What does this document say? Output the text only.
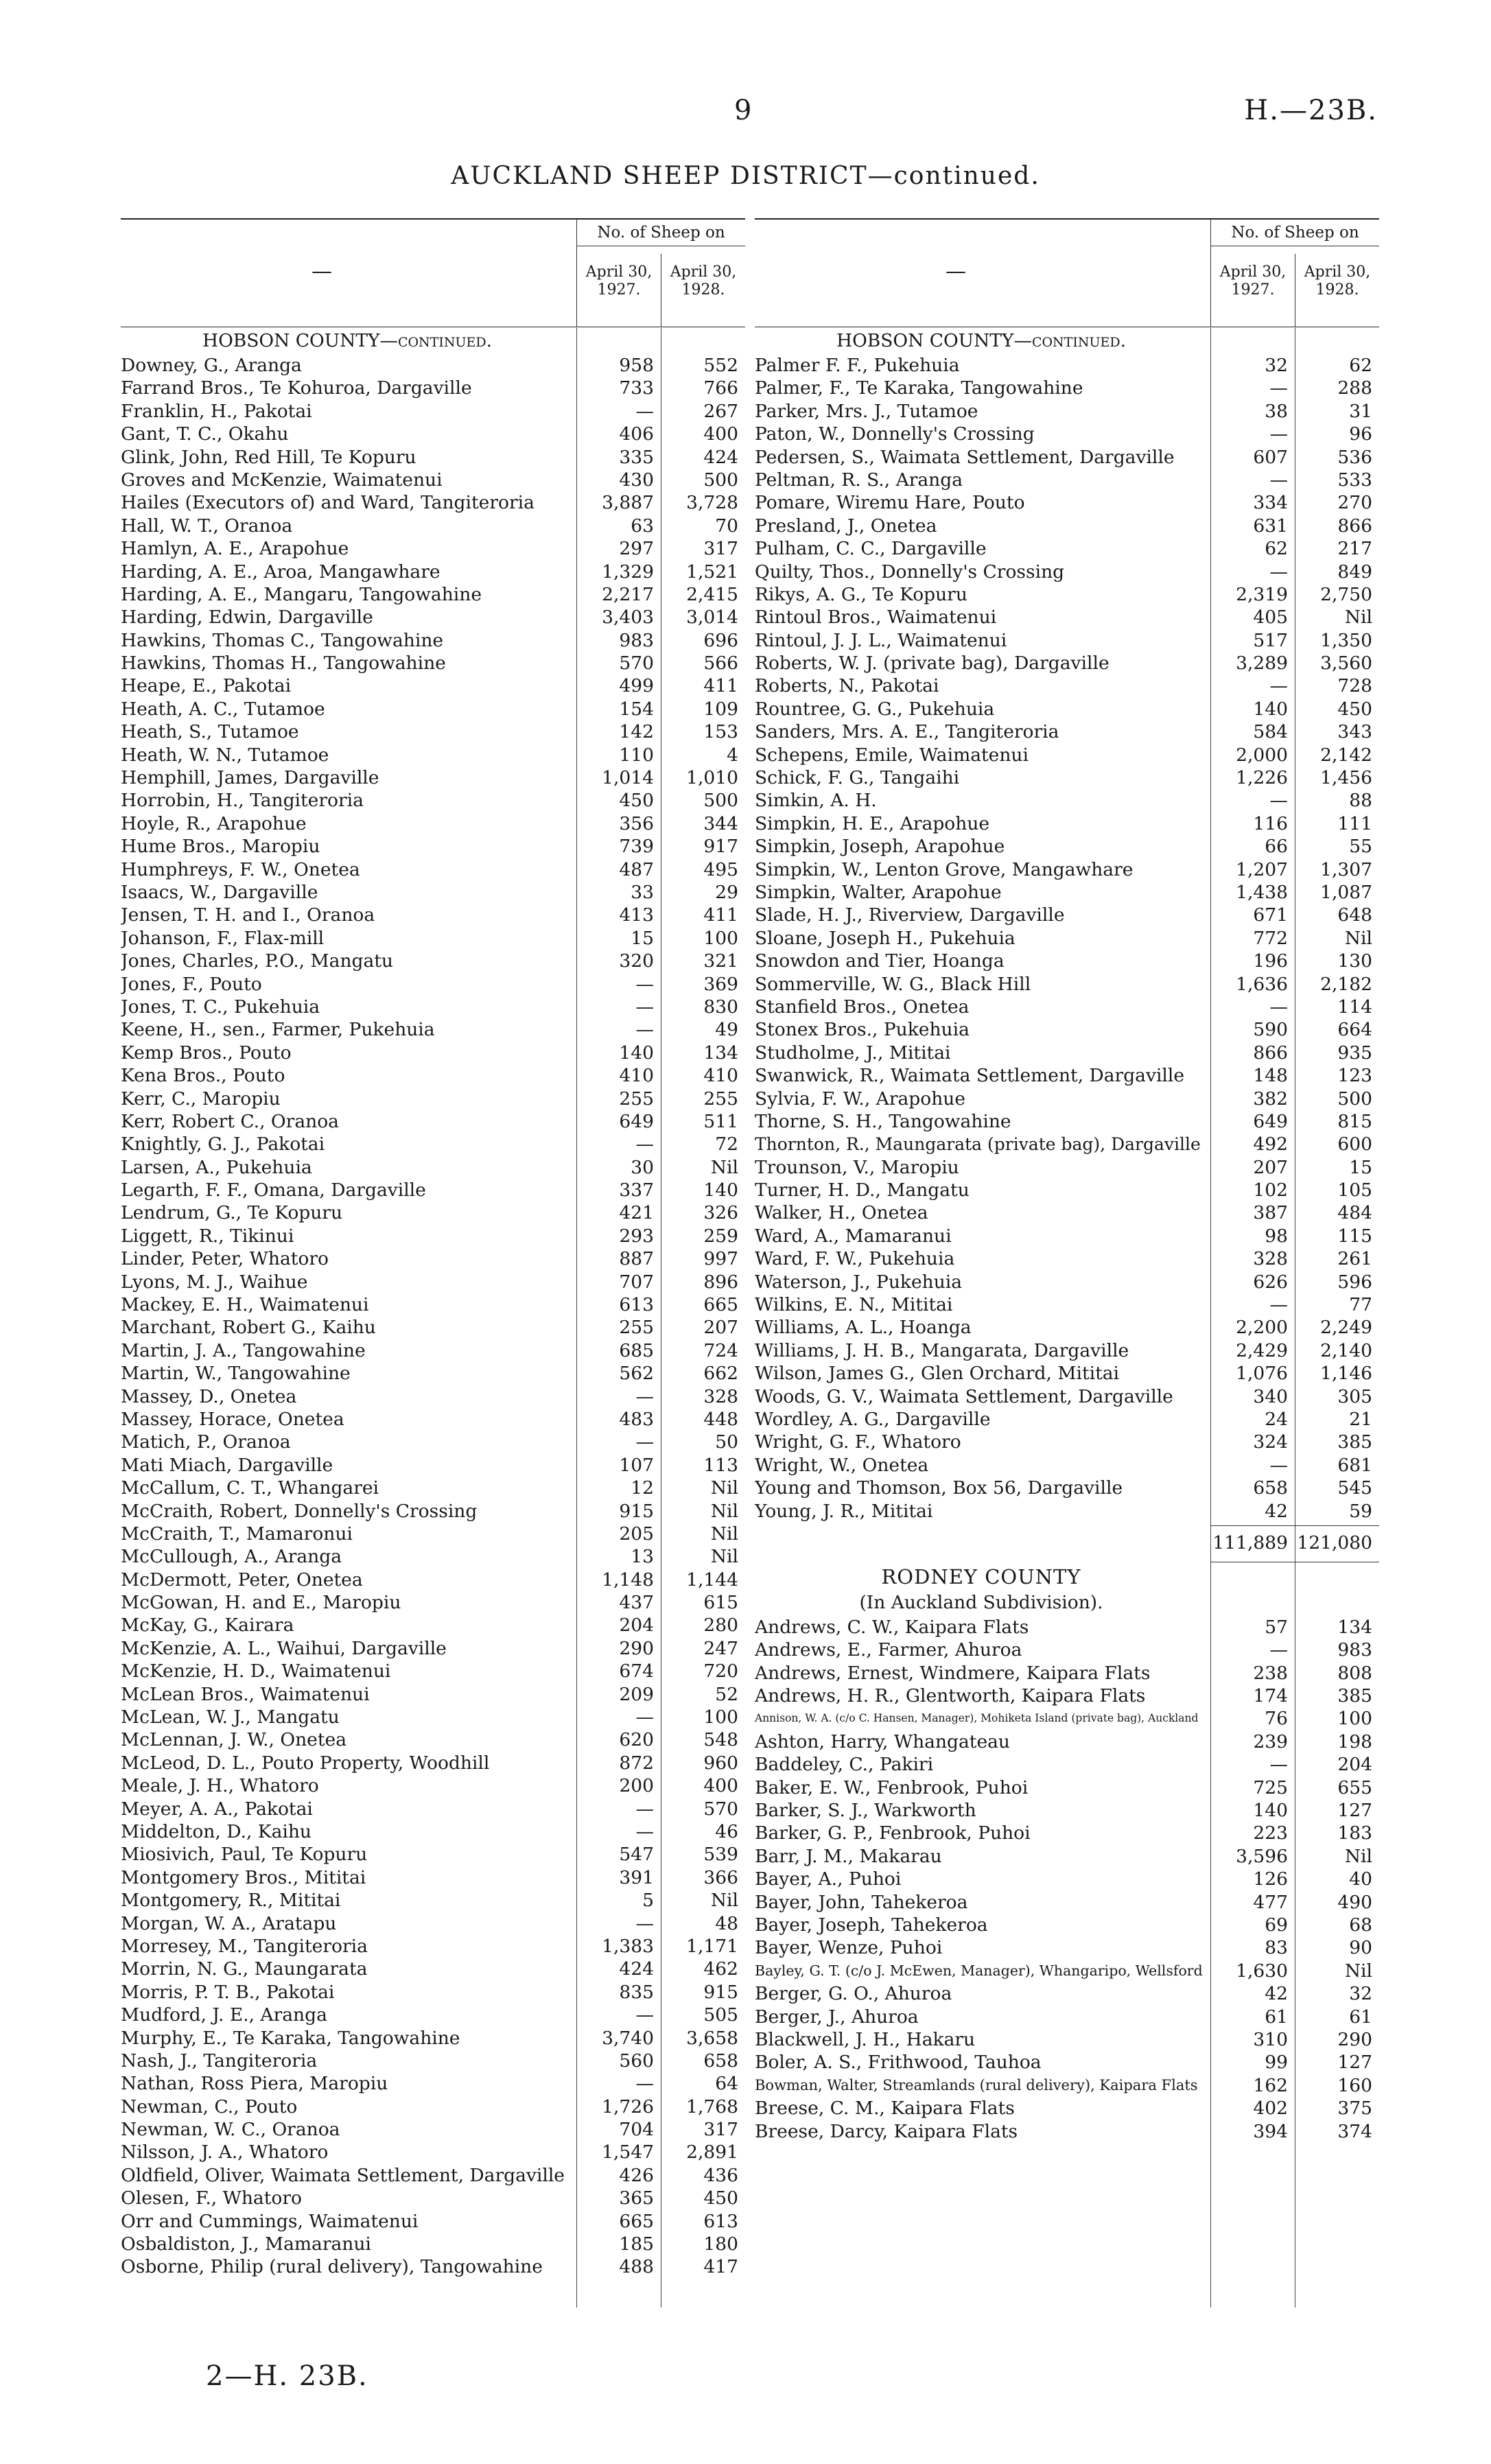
9	H.—23B.
AUCKLAND SHEEP DISTRICT—continued.
—
No. of Sheep on
April 30, 1927.
April 30, 1928.
HOBSON COUNTY—continued.
Downey, G., Aranga	958	552
Farrand Bros., Te Kohuroa, Dargaville	733	766
Franklin, H., Pakotai	—	267
Gant, T. C., Okahu	406	400
Glink, John, Red Hill, Te Kopuru	335	424
Groves and McKenzie, Waimatenui	430	500
Hailes (Executors of) and Ward, Tangiteroria	3,887	3,728
Hall, W. T., Oranoa	63	70
Hamlyn, A. E., Arapohue	297	317
Harding, A. E., Aroa, Mangawhare	1,329	1,521
Harding, A. E., Mangaru, Tangowahine	2,217	2,415
Harding, Edwin, Dargaville	3,403	3,014
Hawkins, Thomas C., Tangowahine	983	696
Hawkins, Thomas H., Tangowahine	570	566
Heape, E., Pakotai	499	411
Heath, A. C., Tutamoe	154	109
Heath, S., Tutamoe	142	153
Heath, W. N., Tutamoe	110	4
Hemphill, James, Dargaville	1,014	1,010
Horrobin, H., Tangiteroria	450	500
Hoyle, R., Arapohue	356	344
Hume Bros., Maropiu	739	917
Humphreys, F. W., Onetea	487	495
Isaacs, W., Dargaville	33	29
Jensen, T. H. and I., Oranoa	413	411
Johanson, F., Flax-mill	15	100
Jones, Charles, P.O., Mangatu	320	321
Jones, F., Pouto	—	369
Jones, T. C., Pukehuia	—	830
Keene, H., sen., Farmer, Pukehuia	—	49
Kemp Bros., Pouto	140	134
Kena Bros., Pouto	410	410
Kerr, C., Maropiu	255	255
Kerr, Robert C., Oranoa	649	511
Knightly, G. J., Pakotai	—	72
Larsen, A., Pukehuia	30	Nil
Legarth, F. F., Omana, Dargaville	337	140
Lendrum, G., Te Kopuru	421	326
Liggett, R., Tikinui	293	259
Linder, Peter, Whatoro	887	997
Lyons, M. J., Waihue	707	896
Mackey, E. H., Waimatenui	613	665
Marchant, Robert G., Kaihu	255	207
Martin, J. A., Tangowahine	685	724
Martin, W., Tangowahine	562	662
Massey, D., Onetea	—	328
Massey, Horace, Onetea	483	448
Matich, P., Oranoa	—	50
Mati Miach, Dargaville	107	113
McCallum, C. T., Whangarei	12	Nil
McCraith, Robert, Donnelly's Crossing	915	Nil
McCraith, T., Mamaronui	205	Nil
McCullough, A., Aranga	13	Nil
McDermott, Peter, Onetea	1,148	1,144
McGowan, H. and E., Maropiu	437	615
McKay, G., Kairara	204	280
McKenzie, A. L., Waihui, Dargaville	290	247
McKenzie, H. D., Waimatenui	674	720
McLean Bros., Waimatenui	209	52
McLean, W. J., Mangatu	—	100
McLennan, J. W., Onetea	620	548
McLeod, D. L., Pouto Property, Woodhill	872	960
Meale, J. H., Whatoro	200	400
Meyer, A. A., Pakotai	—	570
Middelton, D., Kaihu	—	46
Miosivich, Paul, Te Kopuru	547	539
Montgomery Bros., Mititai	391	366
Montgomery, R., Mititai	5	Nil
Morgan, W. A., Aratapu	—	48
Morresey, M., Tangiteroria	1,383	1,171
Morrin, N. G., Maungarata	424	462
Morris, P. T. B., Pakotai	835	915
Mudford, J. E., Aranga	—	505
Murphy, E., Te Karaka, Tangowahine	3,740	3,658
Nash, J., Tangiteroria	560	658
Nathan, Ross Piera, Maropiu	—	64
Newman, C., Pouto	1,726	1,768
Newman, W. C., Oranoa	704	317
Nilsson, J. A., Whatoro	1,547	2,891
Oldfield, Oliver, Waimata Settlement, Dargaville	426	436
Olesen, F., Whatoro	365	450
Orr and Cummings, Waimatenui	665	613
Osbaldiston, J., Mamaranui	185	180
Osborne, Philip (rural delivery), Tangowahine	488	417
—
No. of Sheep on
April 30, 1927.
April 30, 1928.
HOBSON COUNTY—continued.
Palmer F. F., Pukehuia	32	62
Palmer, F., Te Karaka, Tangowahine	—	288
Parker, Mrs. J., Tutamoe	38	31
Paton, W., Donnelly's Crossing	—	96
Pedersen, S., Waimata Settlement, Dargaville	607	536
Peltman, R. S., Aranga	—	533
Pomare, Wiremu Hare, Pouto	334	270
Presland, J., Onetea	631	866
Pulham, C. C., Dargaville	62	217
Quilty, Thos., Donnelly's Crossing	—	849
Rikys, A. G., Te Kopuru	2,319	2,750
Rintoul Bros., Waimatenui	405	Nil
Rintoul, J. J. L., Waimatenui	517	1,350
Roberts, W. J. (private bag), Dargaville	3,289	3,560
Roberts, N., Pakotai	—	728
Rountree, G. G., Pukehuia	140	450
Sanders, Mrs. A. E., Tangiteroria	584	343
Schepens, Emile, Waimatenui	2,000	2,142
Schick, F. G., Tangaihi	1,226	1,456
Simkin, A. H.	—	88
Simpkin, H. E., Arapohue	116	111
Simpkin, Joseph, Arapohue	66	55
Simpkin, W., Lenton Grove, Mangawhare	1,207	1,307
Simpkin, Walter, Arapohue	1,438	1,087
Slade, H. J., Riverview, Dargaville	671	648
Sloane, Joseph H., Pukehuia	772	Nil
Snowdon and Tier, Hoanga	196	130
Sommerville, W. G., Black Hill	1,636	2,182
Stanfield Bros., Onetea	—	114
Stonex Bros., Pukehuia	590	664
Studholme, J., Mititai	866	935
Swanwick, R., Waimata Settlement, Dargaville	148	123
Sylvia, F. W., Arapohue	382	500
Thorne, S. H., Tangowahine	649	815
Thornton, R., Maungarata (private bag), Dargaville	492	600
Trounson, V., Maropiu	207	15
Turner, H. D., Mangatu	102	105
Walker, H., Onetea	387	484
Ward, A., Mamaranui	98	115
Ward, F. W., Pukehuia	328	261
Waterson, J., Pukehuia	626	596
Wilkins, E. N., Mititai	—	77
Williams, A. L., Hoanga	2,200	2,249
Williams, J. H. B., Mangarata, Dargaville	2,429	2,140
Wilson, James G., Glen Orchard, Mititai	1,076	1,146
Woods, G. V., Waimata Settlement, Dargaville	340	305
Wordley, A. G., Dargaville	24	21
Wright, G. F., Whatoro	324	385
Wright, W., Onetea	—	681
Young and Thomson, Box 56, Dargaville	658	545
Young, J. R., Mititai	42	59
111,889 121,080
RODNEY COUNTY
(In Auckland Subdivision).
Andrews, C. W., Kaipara Flats	57	134
Andrews, E., Farmer, Ahuroa	—	983
Andrews, Ernest, Windmere, Kaipara Flats	238	808
Andrews, H. R., Glentworth, Kaipara Flats	174	385
Annison, W. A. (c/o C. Hansen, Manager), Mohiketa Island (private bag), Auckland	76	100
Ashton, Harry, Whangateau	239	198
Baddeley, C., Pakiri	—	204
Baker, E. W., Fenbrook, Puhoi	725	655
Barker, S. J., Warkworth	140	127
Barker, G. P., Fenbrook, Puhoi	223	183
Barr, J. M., Makarau	3,596	Nil
Bayer, A., Puhoi	126	40
Bayer, John, Tahekeroa	477	490
Bayer, Joseph, Tahekeroa	69	68
Bayer, Wenze, Puhoi	83	90
Bayley, G. T. (c/o J. McEwen, Manager), Whangaripo, Wellsford	1,630	Nil
Berger, G. O., Ahuroa	42	32
Berger, J., Ahuroa	61	61
Blackwell, J. H., Hakaru	310	290
Boler, A. S., Frithwood, Tauhoa	99	127
Bowman, Walter, Streamlands (rural delivery), Kaipara Flats	162	160
Breese, C. M., Kaipara Flats	402	375
Breese, Darcy, Kaipara Flats	394	374
2—H. 23B.
